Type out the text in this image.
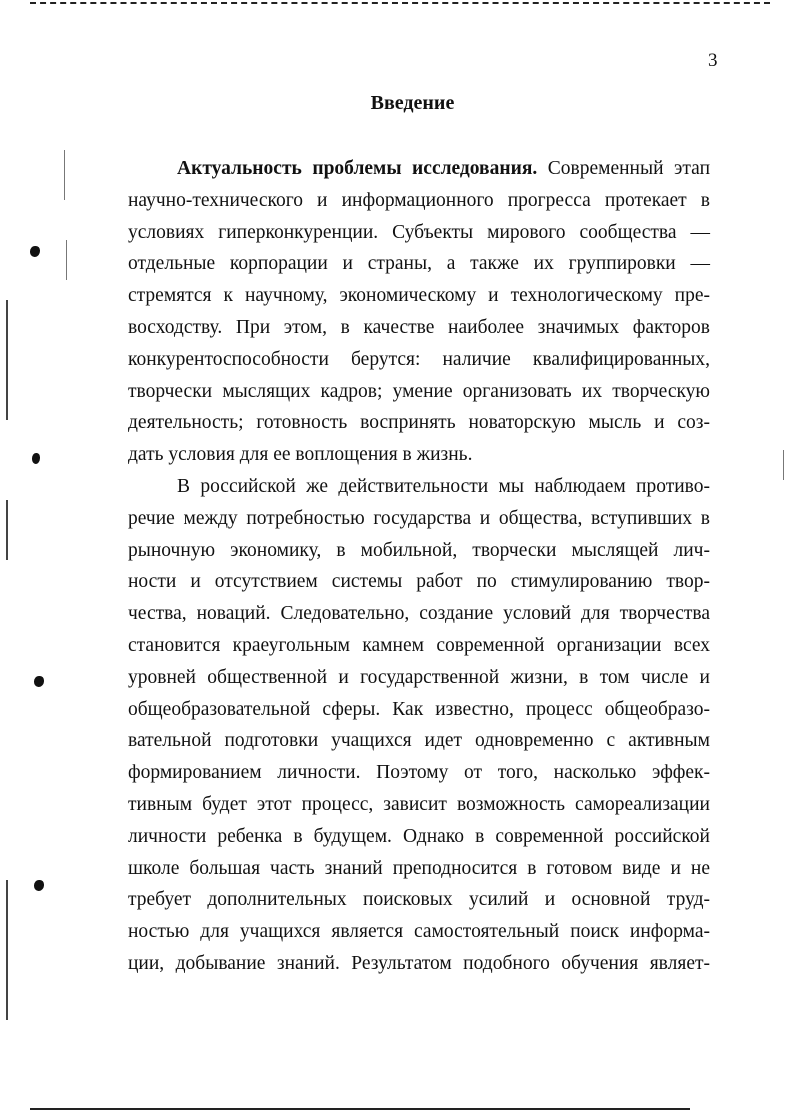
3
Введение
Актуальность проблемы исследования. Современный этап
научно-технического и информационного прогресса протекает в
условиях гиперконкуренции. Субъекты мирового сообщества —
отдельные корпорации и страны, а также их группировки —
стремятся к научному, экономическому и технологическому пре-
восходству. При этом, в качестве наиболее значимых факторов
конкурентоспособности берутся: наличие квалифицированных,
творчески мыслящих кадров; умение организовать их творческую
деятельность; готовность воспринять новаторскую мысль и соз-
дать условия для ее воплощения в жизнь.
В российской же действительности мы наблюдаем противо-
речие между потребностью государства и общества, вступивших в
рыночную экономику, в мобильной, творчески мыслящей лич-
ности и отсутствием системы работ по стимулированию твор-
чества, новаций. Следовательно, создание условий для творчества
становится краеугольным камнем современной организации всех
уровней общественной и государственной жизни, в том числе и
общеобразовательной сферы. Как известно, процесс общеобразо-
вательной подготовки учащихся идет одновременно с активным
формированием личности. Поэтому от того, насколько эффек-
тивным будет этот процесс, зависит возможность самореализации
личности ребенка в будущем. Однако в современной российской
школе большая часть знаний преподносится в готовом виде и не
требует дополнительных поисковых усилий и основной труд-
ностью для учащихся является самостоятельный поиск информа-
ции, добывание знаний. Результатом подобного обучения являет-
